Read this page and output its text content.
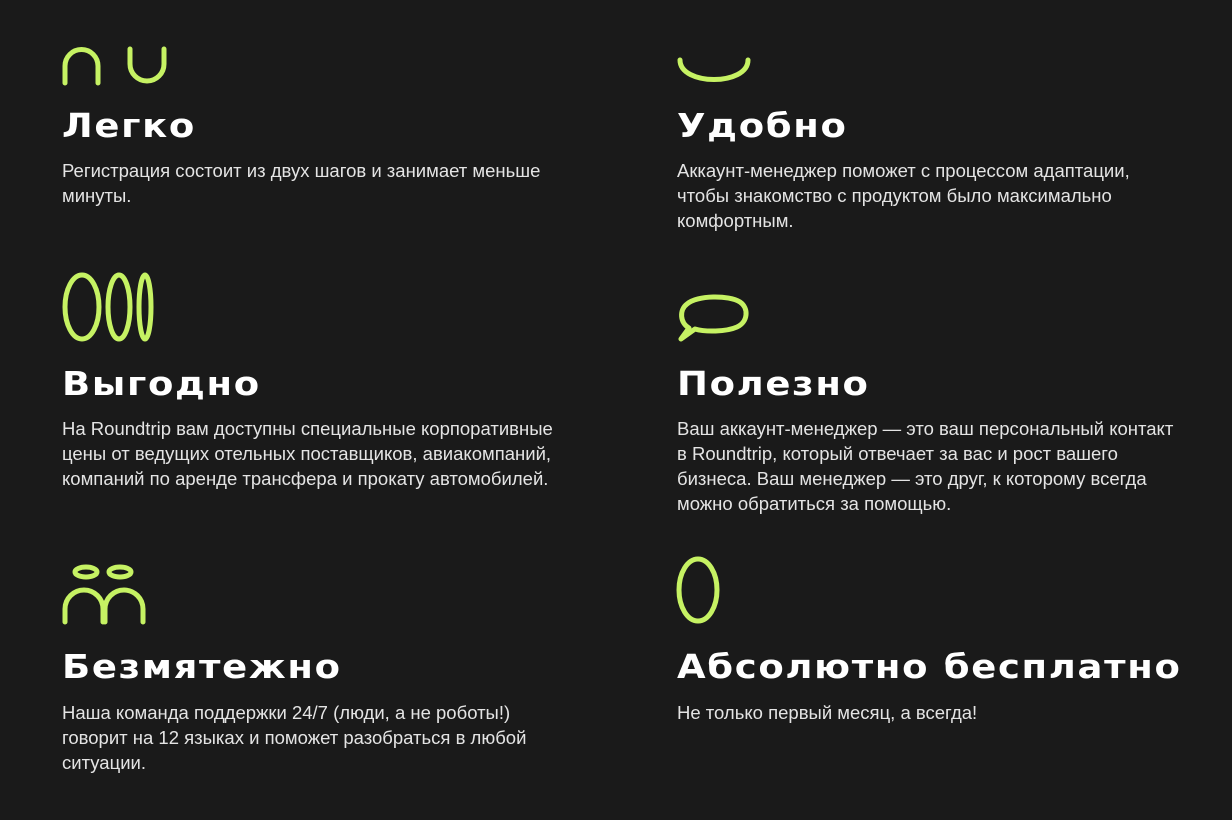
Легко

Регистрация состоит из двух шагов и занимает меньше
минуты.

Удобно

Аккаунт-менеджер поможет с процессом адаптации,
чтобы знакомство с продуктом было максимально
комфортным.

Выгодно

На Roundtrip вам доступны специальные корпоративные
цены от ведущих отельных поставщиков, авиакомпаний,
компаний по аренде трансфера и прокату автомобилей.

Полезно

Ваш аккаунт-менеджер — это ваш персональный контакт
в Roundtrip, который отвечает за вас и рост вашего
бизнеса. Ваш менеджер — это друг, к которому всегда
можно обратиться за помощью.

Безмятежно

Наша команда поддержки 24/7 (люди, а не роботы!)
говорит на 12 языках и поможет разобраться в любой
ситуации.

Абсолютно бесплатно

Не только первый месяц, а всегда!
